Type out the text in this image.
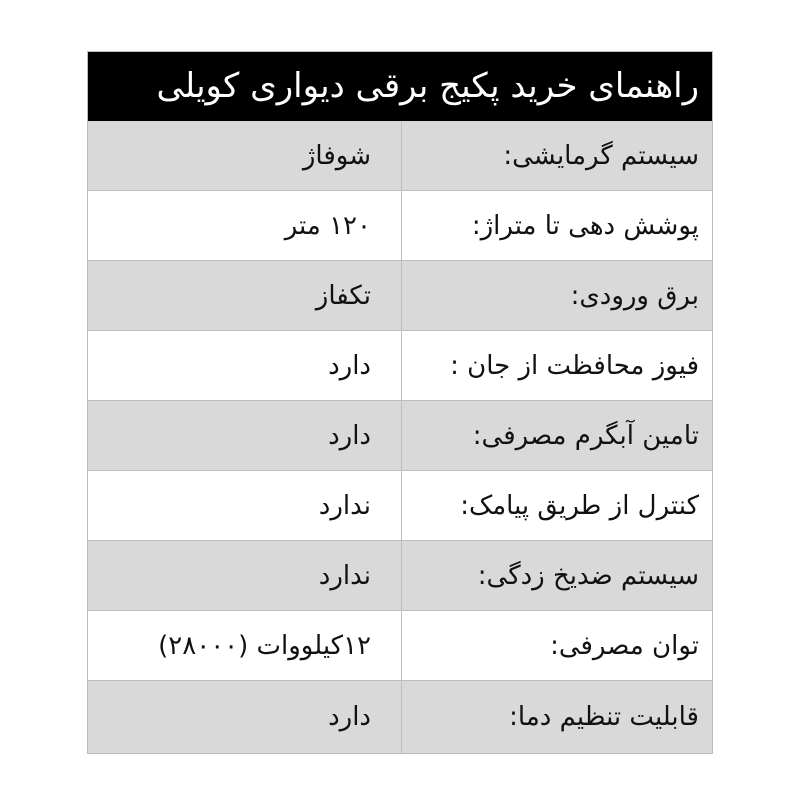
راهنمای خرید پکیج برقی دیواری کویلی
سیستم گرمایشی:
شوفاژ
پوشش دهی تا متراژ:
۱۲۰ متر
برق ورودی:
تکفاز
فیوز محافظت از جان :
دارد
تامین آبگرم مصرفی:
دارد
کنترل از طریق پیامک:
ندارد
سیستم ضدیخ زدگی:
ندارد
توان مصرفی:
۱۲کیلووات (۲۸۰۰۰)
قابلیت تنظیم دما:
دارد
